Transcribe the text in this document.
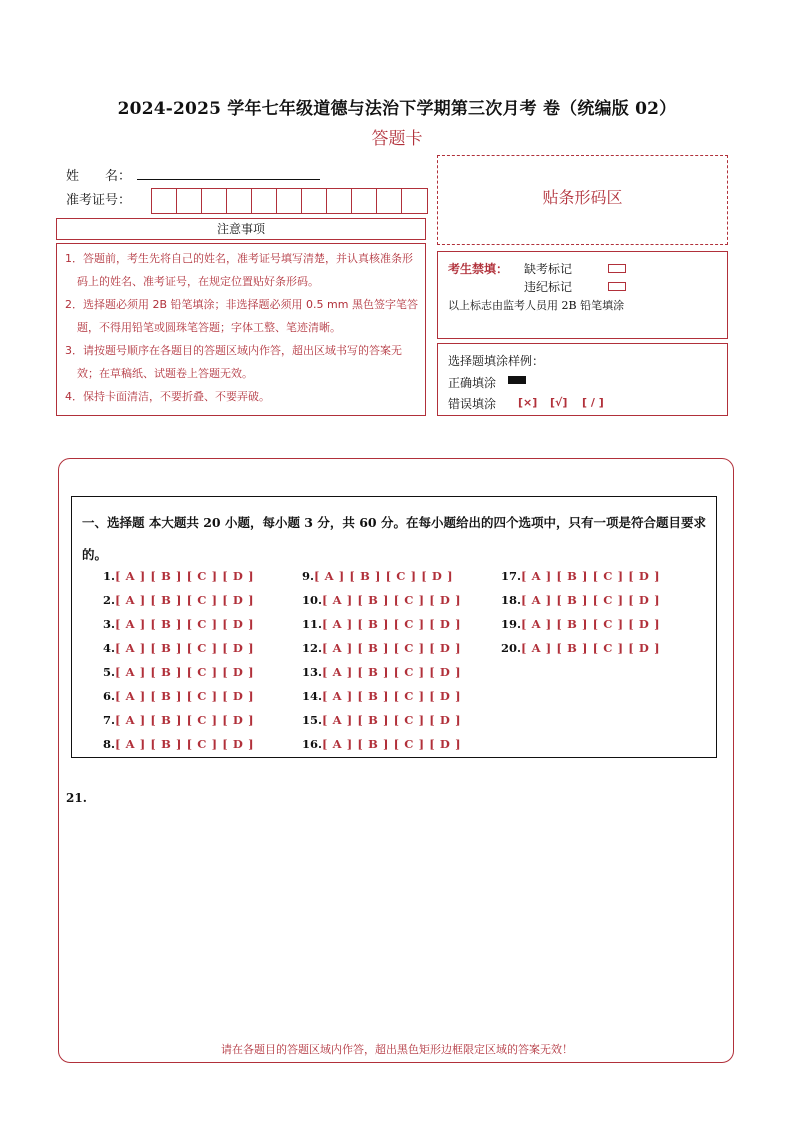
2024-2025 学年七年级道德与法治下学期第三次月考 卷（统编版 02）
答题卡
姓　　名：
准考证号：
注意事项
1．答题前，考生先将自己的姓名，准考证号填写清楚，并认真核准条形码上的姓名、准考证号，在规定位置贴好条形码。
2．选择题必须用 2B 铅笔填涂；非选择题必须用 0.5 mm 黑色签字笔答题，不得用铅笔或圆珠笔答题；字体工整、笔迹清晰。
3．请按题号顺序在各题目的答题区域内作答，超出区域书写的答案无效；在草稿纸、试题卷上答题无效。
4．保持卡面清洁，不要折叠、不要弄破。
贴条形码区
考生禁填： 缺考标记
违纪标记
以上标志由监考人员用 2B 铅笔填涂
选择题填涂样例：
正确填涂
错误填涂 [×] [√] [ / ]
一、选择题 本大题共 20 小题，每小题 3 分，共 60 分。在每小题给出的四个选项中，只有一项是符合题目要求的。
1.[ A ] [ B ] [ C ] [ D ]
2.[ A ] [ B ] [ C ] [ D ]
3.[ A ] [ B ] [ C ] [ D ]
4.[ A ] [ B ] [ C ] [ D ]
5.[ A ] [ B ] [ C ] [ D ]
6.[ A ] [ B ] [ C ] [ D ]
7.[ A ] [ B ] [ C ] [ D ]
8.[ A ] [ B ] [ C ] [ D ]
9.[ A ] [ B ] [ C ] [ D ]
10.[ A ] [ B ] [ C ] [ D ]
11.[ A ] [ B ] [ C ] [ D ]
12.[ A ] [ B ] [ C ] [ D ]
13.[ A ] [ B ] [ C ] [ D ]
14.[ A ] [ B ] [ C ] [ D ]
15.[ A ] [ B ] [ C ] [ D ]
16.[ A ] [ B ] [ C ] [ D ]
17.[ A ] [ B ] [ C ] [ D ]
18.[ A ] [ B ] [ C ] [ D ]
19.[ A ] [ B ] [ C ] [ D ]
20.[ A ] [ B ] [ C ] [ D ]
21.
请在各题目的答题区域内作答，超出黑色矩形边框限定区域的答案无效！
